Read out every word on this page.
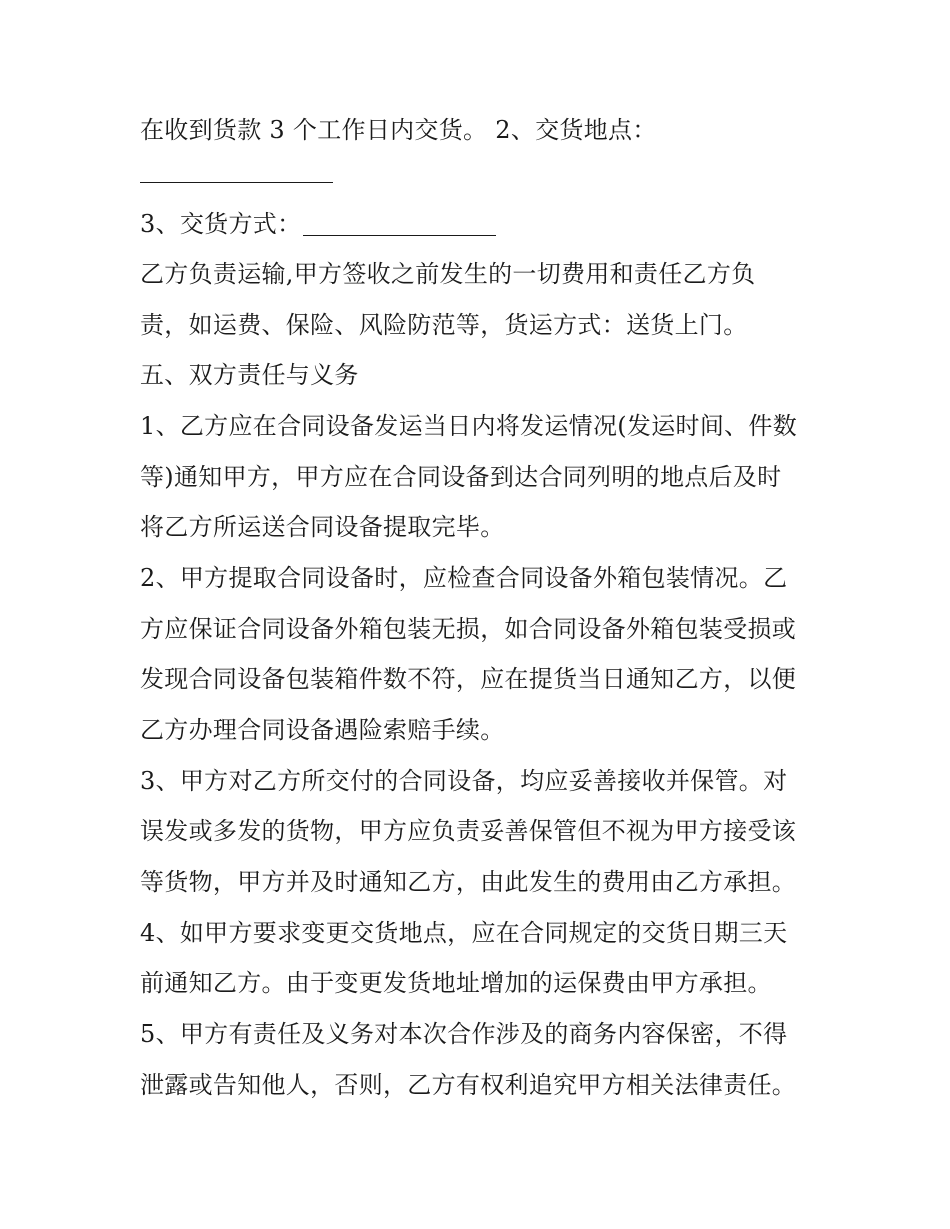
在收到货款 3 个工作日内交货。 2、交货地点：
3、交货方式：
乙方负责运输,甲方签收之前发生的一切费用和责任乙方负
责，如运费、保险、风险防范等，货运方式：送货上门。
五、双方责任与义务
1、乙方应在合同设备发运当日内将发运情况(发运时间、件数
等)通知甲方，甲方应在合同设备到达合同列明的地点后及时
将乙方所运送合同设备提取完毕。
2、甲方提取合同设备时，应检查合同设备外箱包装情况。乙
方应保证合同设备外箱包装无损，如合同设备外箱包装受损或
发现合同设备包装箱件数不符，应在提货当日通知乙方，以便
乙方办理合同设备遇险索赔手续。
3、甲方对乙方所交付的合同设备，均应妥善接收并保管。对
误发或多发的货物，甲方应负责妥善保管但不视为甲方接受该
等货物，甲方并及时通知乙方，由此发生的费用由乙方承担。
4、如甲方要求变更交货地点，应在合同规定的交货日期三天
前通知乙方。由于变更发货地址增加的运保费由甲方承担。
5、甲方有责任及义务对本次合作涉及的商务内容保密，不得
泄露或告知他人，否则，乙方有权利追究甲方相关法律责任。
